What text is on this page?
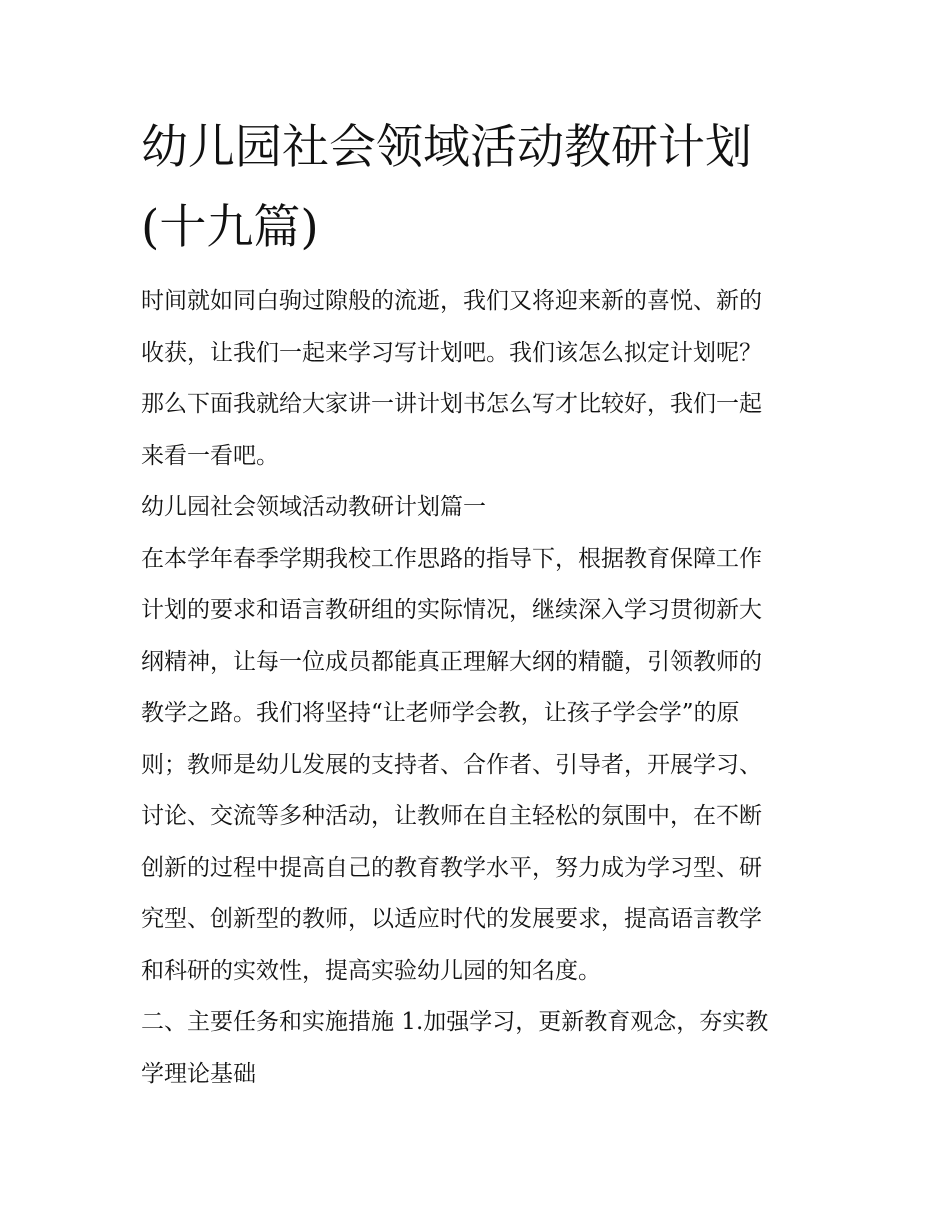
幼儿园社会领域活动教研计划
(十九篇)
时间就如同白驹过隙般的流逝，我们又将迎来新的喜悦、新的
收获，让我们一起来学习写计划吧。我们该怎么拟定计划呢？
那么下面我就给大家讲一讲计划书怎么写才比较好，我们一起
来看一看吧。
幼儿园社会领域活动教研计划篇一
在本学年春季学期我校工作思路的指导下，根据教育保障工作
计划的要求和语言教研组的实际情况，继续深入学习贯彻新大
纲精神，让每一位成员都能真正理解大纲的精髓，引领教师的
教学之路。我们将坚持“让老师学会教，让孩子学会学”的原
则；教师是幼儿发展的支持者、合作者、引导者，开展学习、
讨论、交流等多种活动，让教师在自主轻松的氛围中，在不断
创新的过程中提高自己的教育教学水平，努力成为学习型、研
究型、创新型的教师，以适应时代的发展要求，提高语言教学
和科研的实效性，提高实验幼儿园的知名度。
二、主要任务和实施措施 1.加强学习，更新教育观念，夯实教
学理论基础
